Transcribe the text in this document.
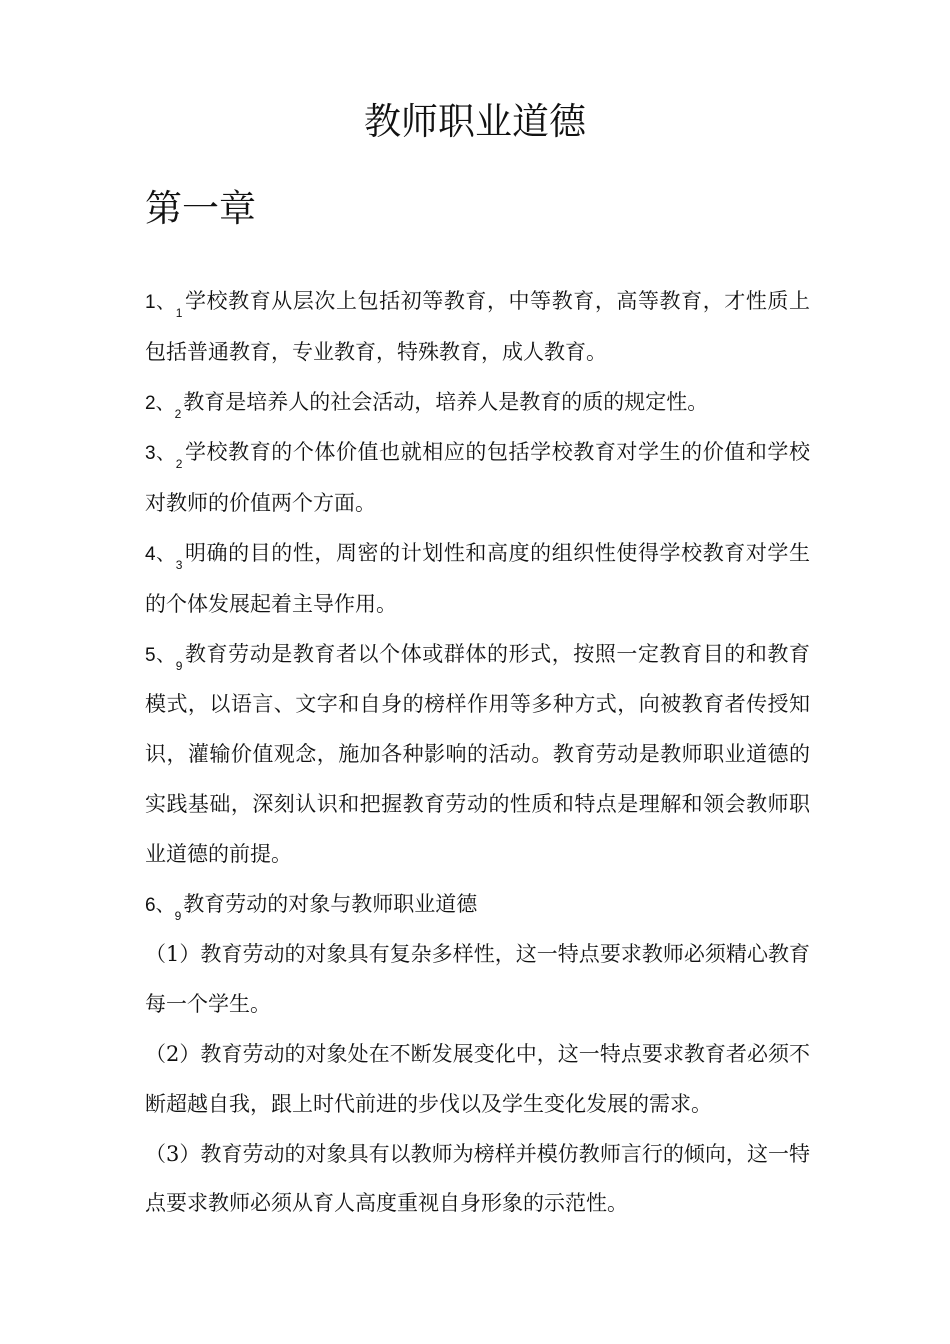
教师职业道德
第一章

1、$_1$学校教育从层次上包括初等教育，中等教育，高等教育，才性质上包括普通教育，专业教育，特殊教育，成人教育。

2、$_2$教育是培养人的社会活动，培养人是教育的质的规定性。

3、$_2$学校教育的个体价值也就相应的包括学校教育对学生的价值和学校对教师的价值两个方面。

4、$_3$明确的目的性，周密的计划性和高度的组织性使得学校教育对学生的个体发展起着主导作用。

5、$_9$教育劳动是教育者以个体或群体的形式，按照一定教育目的和教育模式，以语言、文字和自身的榜样作用等多种方式，向被教育者传授知识，灌输价值观念，施加各种影响的活动。教育劳动是教师职业道德的实践基础，深刻认识和把握教育劳动的性质和特点是理解和领会教师职业道德的前提。

6、$_9$教育劳动的对象与教师职业道德

（1）教育劳动的对象具有复杂多样性，这一特点要求教师必须精心教育每一个学生。

（2）教育劳动的对象处在不断发展变化中，这一特点要求教育者必须不断超越自我，跟上时代前进的步伐以及学生变化发展的需求。

（3）教育劳动的对象具有以教师为榜样并模仿教师言行的倾向，这一特点要求教师必须从育人高度重视自身形象的示范性。
